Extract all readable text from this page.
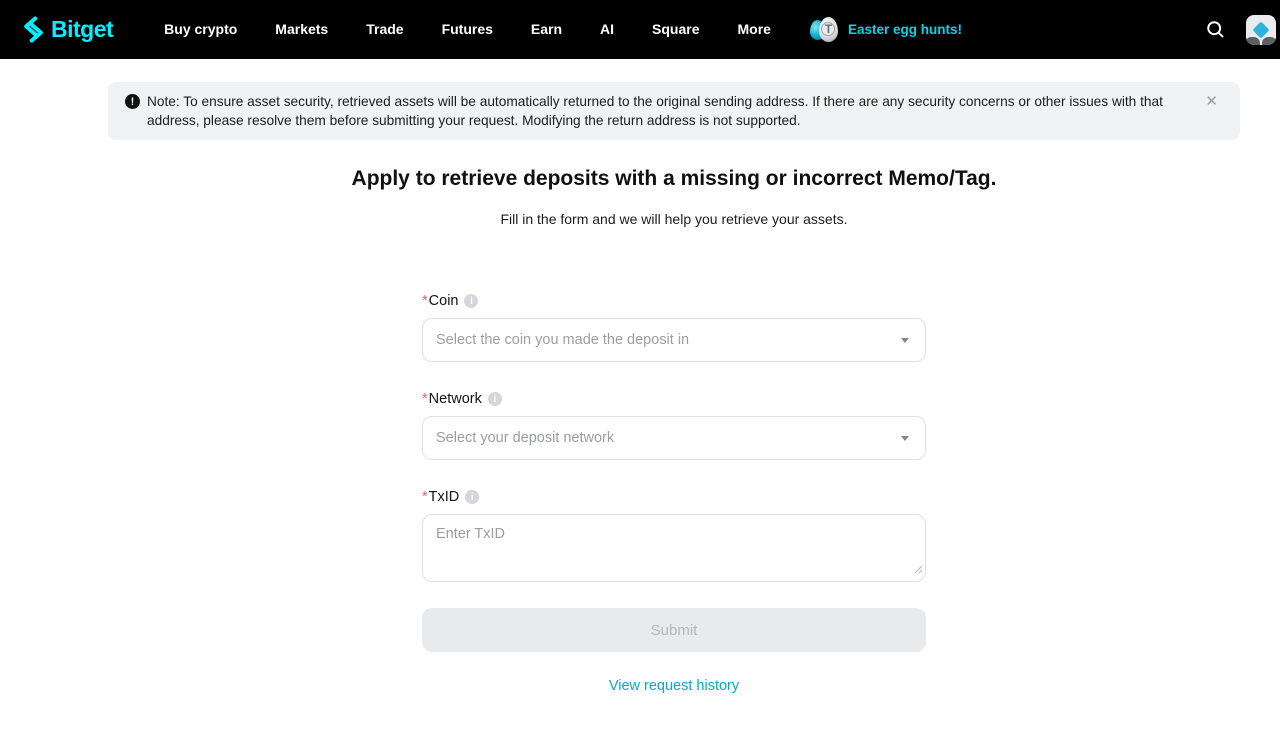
Bitget	Buy crypto	Markets	Trade	Futures	Earn	AI	Square	More	T Easter egg hunts!
! Note: To ensure asset security, retrieved assets will be automatically returned to the original sending address. If there are any security concerns or other issues with that address, please resolve them before submitting your request. Modifying the return address is not supported.
✕
Apply to retrieve deposits with a missing or incorrect Memo/Tag.
Fill in the form and we will help you retrieve your assets.
* Coin	i
Select the coin you made the deposit in
* Network	i
Select your deposit network
* TxID	i
Enter TxID
Submit
View request history
